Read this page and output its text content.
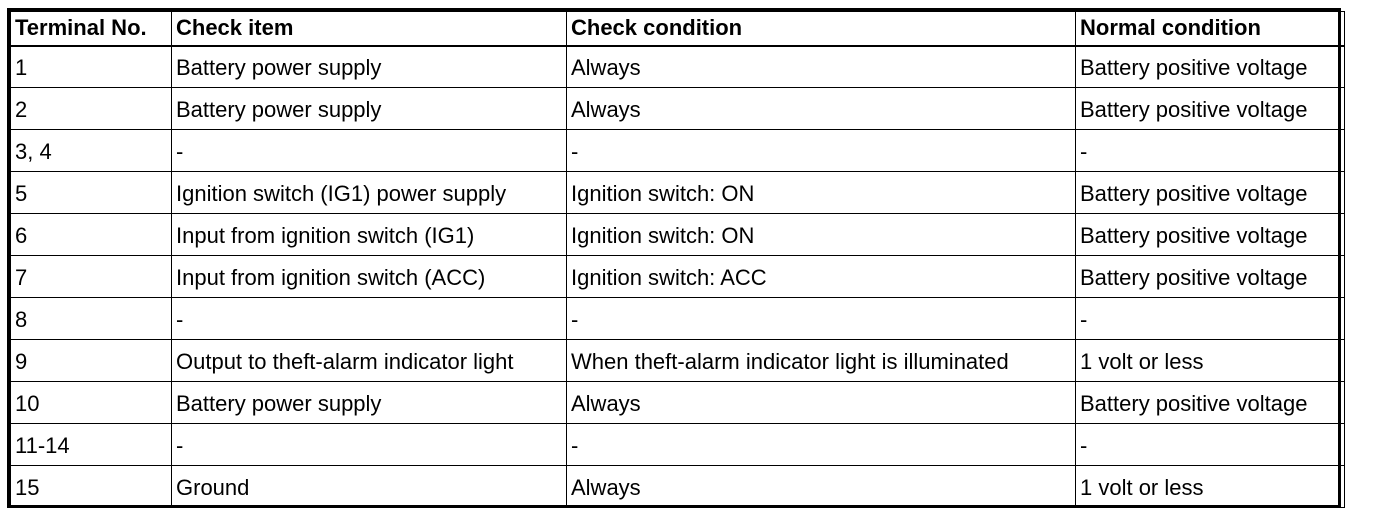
Terminal No.	Check item	Check condition	Normal condition
1	Battery power supply	Always	Battery positive voltage
2	Battery power supply	Always	Battery positive voltage
3, 4	-	-	-
5	Ignition switch (IG1) power supply	Ignition switch: ON	Battery positive voltage
6	Input from ignition switch (IG1)	Ignition switch: ON	Battery positive voltage
7	Input from ignition switch (ACC)	Ignition switch: ACC	Battery positive voltage
8	-	-	-
9	Output to theft-alarm indicator light	When theft-alarm indicator light is illuminated	1 volt or less
10	Battery power supply	Always	Battery positive voltage
11-14	-	-	-
15	Ground	Always	1 volt or less
